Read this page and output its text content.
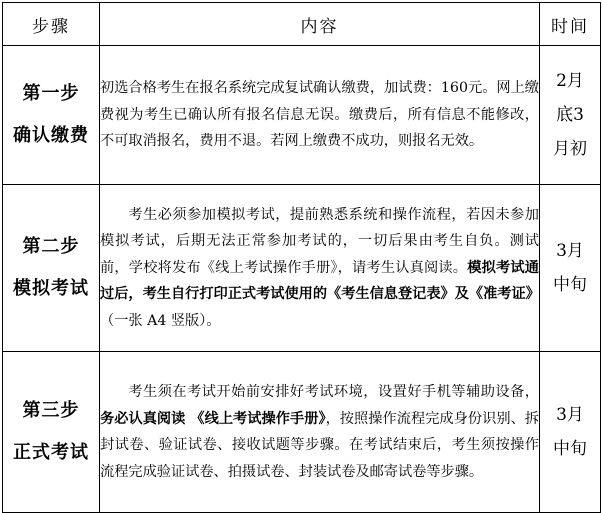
步骤	内容	时间

第一步
确认缴费	初选合格考生在报名系统完成复试确认缴费，加试费：160元。网上缴费视为考生已确认所有报名信息无误。缴费后，所有信息不能修改，不可取消报名，费用不退。若网上缴费不成功，则报名无效。	2月
底3
月初

第二步
模拟考试	考生必须参加模拟考试，提前熟悉系统和操作流程，若因未参加模拟考试，后期无法正常参加考试的，一切后果由考生自负。测试前，学校将发布《线上考试操作手册》，请考生认真阅读。模拟考试通过后，考生自行打印正式考试使用的《考生信息登记表》及《准考证》（一张 A4 竖版）。	3月
中旬

第三步
正式考试	考生须在考试开始前安排好考试环境，设置好手机等辅助设备，务必认真阅读 《线上考试操作手册》，按照操作流程完成身份识别、拆封试卷、验证试卷、接收试题等步骤。在考试结束后，考生须按操作流程完成验证试卷、拍摄试卷、封装试卷及邮寄试卷等步骤。	3月
中旬
